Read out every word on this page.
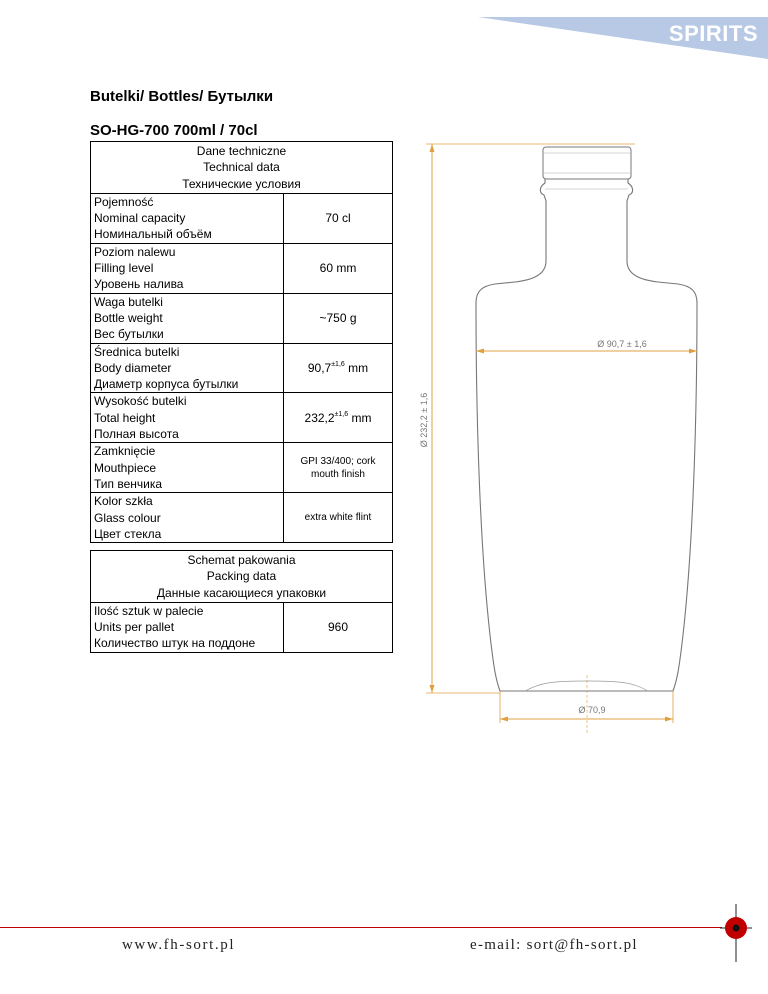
SPIRITS
Butelki/ Bottles/ Бутылки
SO-HG-700 700ml / 70cl
Dane techniczne
Technical data
Технические условия	

Pojemność
Nominal capacity
Номинальный объём	70 cl

Poziom nalewu
Filling level
Уровень налива	60 mm

Waga butelki
Bottle weight
Вес бутылки	~750 g

Średnica butelki
Body diameter
Диаметр корпуса бутылки	$90,7^{\pm 1,6}$ mm

Wysokość butelki
Total height
Полная высота	$232,2^{\pm 1,6}$ mm

Zamknięcie
Mouthpiece
Тип венчика	GPI 33/400; cork mouth finish

Kolor szkła
Glass colour
Цвет стекла	extra white flint
Schemat pakowania
Packing data
Данные касающиеся упаковки

Ilość sztuk w palecie
Units per pallet
Количество штук на поддоне
	960
Ø 232,2 ± 1,6
Ø 90,7 ± 1,6
Ø 70,9
www.fh-sort.pl	e-mail: sort@fh-sort.pl
